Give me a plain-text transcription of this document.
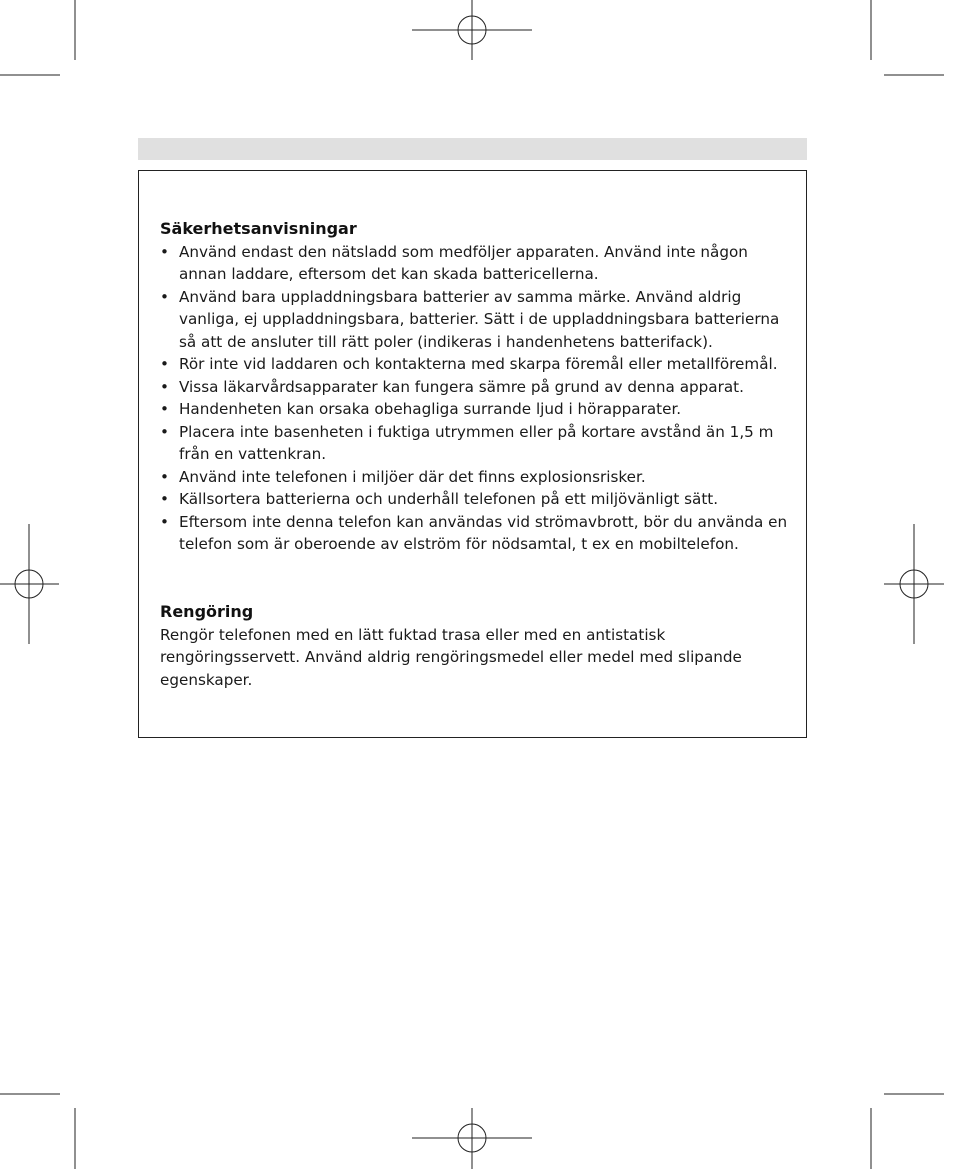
Säkerhetsanvisningar
• Använd endast den nätsladd som medföljer apparaten. Använd inte någon annan laddare, eftersom det kan skada battericellerna.
• Använd bara uppladdningsbara batterier av samma märke. Använd aldrig vanliga, ej uppladdningsbara, batterier. Sätt i de uppladdningsbara batterierna så att de ansluter till rätt poler (indikeras i handenhetens batterifack).
• Rör inte vid laddaren och kontakterna med skarpa föremål eller metallföremål.
• Vissa läkarvårdsapparater kan fungera sämre på grund av denna apparat.
• Handenheten kan orsaka obehagliga surrande ljud i hörapparater.
• Placera inte basenheten i fuktiga utrymmen eller på kortare avstånd än 1,5 m från en vattenkran.
• Använd inte telefonen i miljöer där det finns explosionsrisker.
• Källsortera batterierna och underhåll telefonen på ett miljövänligt sätt.
• Eftersom inte denna telefon kan användas vid strömavbrott, bör du använda en telefon som är oberoende av elström för nödsamtal, t ex en mobiltelefon.
Rengöring

Rengör telefonen med en lätt fuktad trasa eller med en antistatisk rengöringsservett. Använd aldrig rengöringsmedel eller medel med slipande egenskaper.
